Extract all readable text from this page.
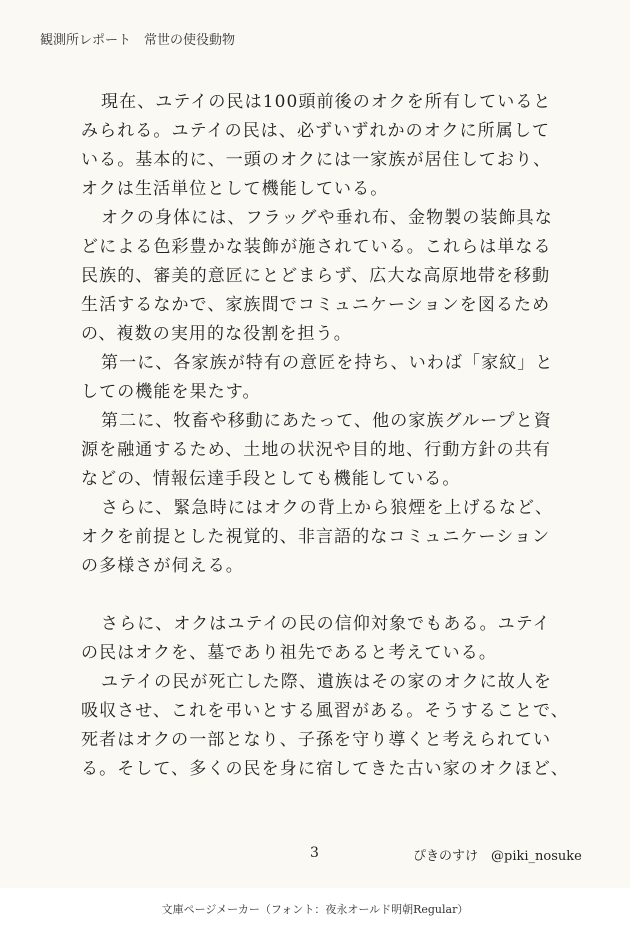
観測所レポート　常世の使役動物
現在、ユテイの民は100頭前後のオクを所有していると
みられる。ユテイの民は、必ずいずれかのオクに所属して
いる。基本的に、一頭のオクには一家族が居住しており、
オクは生活単位として機能している。
オクの身体には、フラッグや垂れ布、金物製の装飾具な
どによる色彩豊かな装飾が施されている。これらは単なる
民族的、審美的意匠にとどまらず、広大な高原地帯を移動
生活するなかで、家族間でコミュニケーションを図るため
の、複数の実用的な役割を担う。
第一に、各家族が特有の意匠を持ち、いわば「家紋」と
しての機能を果たす。
第二に、牧畜や移動にあたって、他の家族グループと資
源を融通するため、土地の状況や目的地、行動方針の共有
などの、情報伝達手段としても機能している。
さらに、緊急時にはオクの背上から狼煙を上げるなど、
オクを前提とした視覚的、非言語的なコミュニケーション
の多様さが伺える。
さらに、オクはユテイの民の信仰対象でもある。ユテイ
の民はオクを、墓であり祖先であると考えている。
ユテイの民が死亡した際、遺族はその家のオクに故人を
吸収させ、これを弔いとする風習がある。そうすることで、
死者はオクの一部となり、子孫を守り導くと考えられてい
る。そして、多くの民を身に宿してきた古い家のオクほど、
3	ぴきのすけ　@piki_nosuke
文庫ページメーカー（フォント：夜永オールド明朝Regular）
